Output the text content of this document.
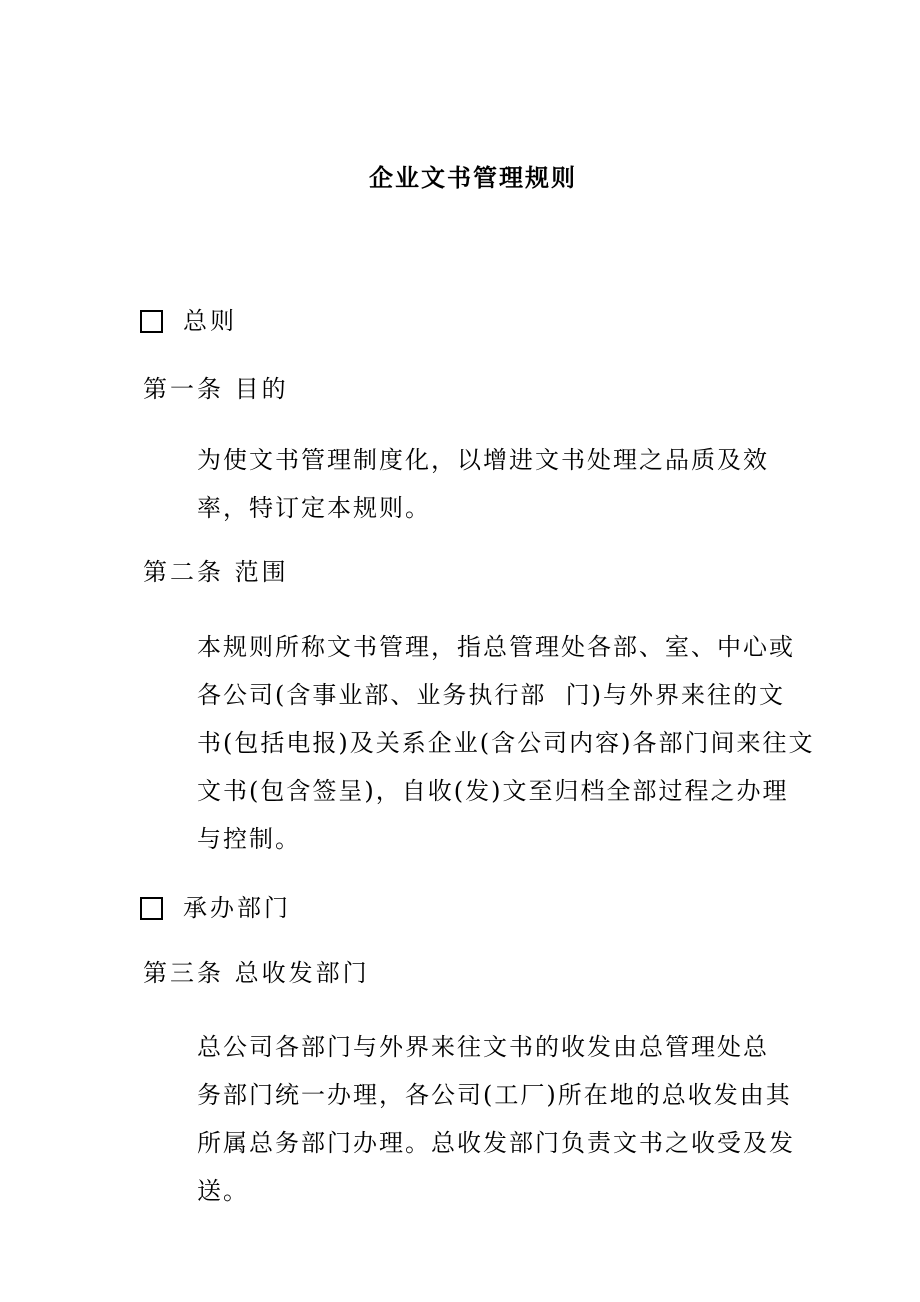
企业文书管理规则
总则
第一条 目的
为使文书管理制度化，以增进文书处理之品质及效
率，特订定本规则。
第二条 范围
本规则所称文书管理，指总管理处各部、室、中心或
各公司(含事业部、业务执行部  门)与外界来往的文
书(包括电报)及关系企业(含公司内容)各部门间来往文
文书(包含签呈)，自收(发)文至归档全部过程之办理
与控制。
承办部门
第三条 总收发部门
总公司各部门与外界来往文书的收发由总管理处总
务部门统一办理，各公司(工厂)所在地的总收发由其
所属总务部门办理。总收发部门负责文书之收受及发
送。
